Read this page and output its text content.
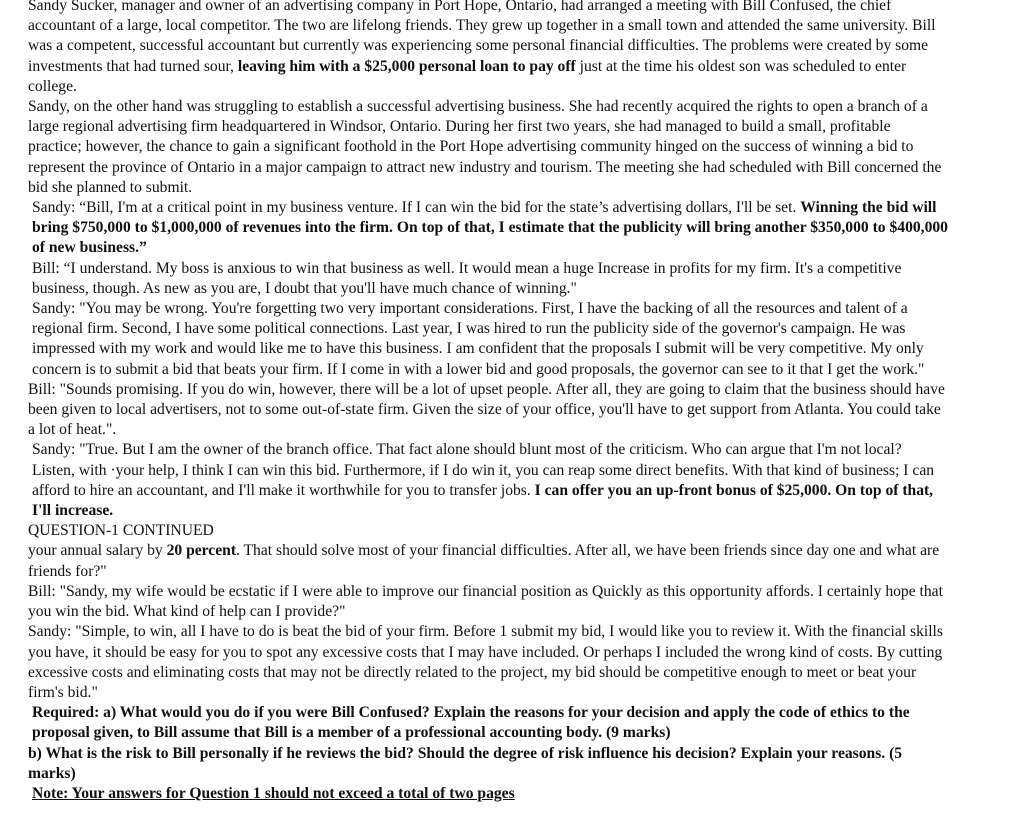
Sandy Sucker, manager and owner of an advertising company in Port Hope, Ontario, had arranged a meeting with Bill Confused, the chief accountant of a large, local competitor. The two are lifelong friends. They grew up together in a small town and attended the same university. Bill was a competent, successful accountant but currently was experiencing some personal financial difficulties. The problems were created by some investments that had turned sour, leaving him with a $25,000 personal loan to pay off just at the time his oldest son was scheduled to enter college.

Sandy, on the other hand was struggling to establish a successful advertising business. She had recently acquired the rights to open a branch of a large regional advertising firm headquartered in Windsor, Ontario. During her first two years, she had managed to build a small, profitable practice; however, the chance to gain a significant foothold in the Port Hope advertising community hinged on the success of winning a bid to represent the province of Ontario in a major campaign to attract new industry and tourism. The meeting she had scheduled with Bill concerned the bid she planned to submit.

Sandy: “Bill, I'm at a critical point in my business venture. If I can win the bid for the state’s advertising dollars, I'll be set. Winning the bid will bring $750,000 to $1,000,000 of revenues into the firm. On top of that, I estimate that the publicity will bring another $350,000 to $400,000 of new business.”

Bill: “I understand. My boss is anxious to win that business as well. It would mean a huge Increase in profits for my firm. It's a competitive business, though. As new as you are, I doubt that you'll have much chance of winning."

Sandy: "You may be wrong. You're forgetting two very important considerations. First, I have the backing of all the resources and talent of a regional firm. Second, I have some political connections. Last year, I was hired to run the publicity side of the governor's campaign. He was impressed with my work and would like me to have this business. I am confident that the proposals I submit will be very competitive. My only concern is to submit a bid that beats your firm. If I come in with a lower bid and good proposals, the governor can see to it that I get the work."

Bill: "Sounds promising. If you do win, however, there will be a lot of upset people. After all, they are going to claim that the business should have been given to local advertisers, not to some out-of-state firm. Given the size of your office, you'll have to get support from Atlanta. You could take a lot of heat.".

Sandy: "True. But I am the owner of the branch office. That fact alone should blunt most of the criticism. Who can argue that I'm not local? Listen, with ·your help, I think I can win this bid. Furthermore, if I do win it, you can reap some direct benefits. With that kind of business; I can afford to hire an accountant, and I'll make it worthwhile for you to transfer jobs. I can offer you an up-front bonus of $25,000. On top of that, I'll increase.

QUESTION-1 CONTINUED

your annual salary by 20 percent. That should solve most of your financial difficulties. After all, we have been friends since day one and what are friends for?"

Bill: "Sandy, my wife would be ecstatic if I were able to improve our financial position as Quickly as this opportunity affords. I certainly hope that you win the bid. What kind of help can I provide?"

Sandy: "Simple, to win, all I have to do is beat the bid of your firm. Before 1 submit my bid, I would like you to review it. With the financial skills you have, it should be easy for you to spot any excessive costs that I may have included. Or perhaps I included the wrong kind of costs. By cutting excessive costs and eliminating costs that may not be directly related to the project, my bid should be competitive enough to meet or beat your firm's bid."

Required: a) What would you do if you were Bill Confused? Explain the reasons for your decision and apply the code of ethics to the proposal given, to Bill assume that Bill is a member of a professional accounting body. (9 marks)

b) What is the risk to Bill personally if he reviews the bid? Should the degree of risk influence his decision? Explain your reasons. (5 marks)

Note: Your answers for Question 1 should not exceed a total of two pages
